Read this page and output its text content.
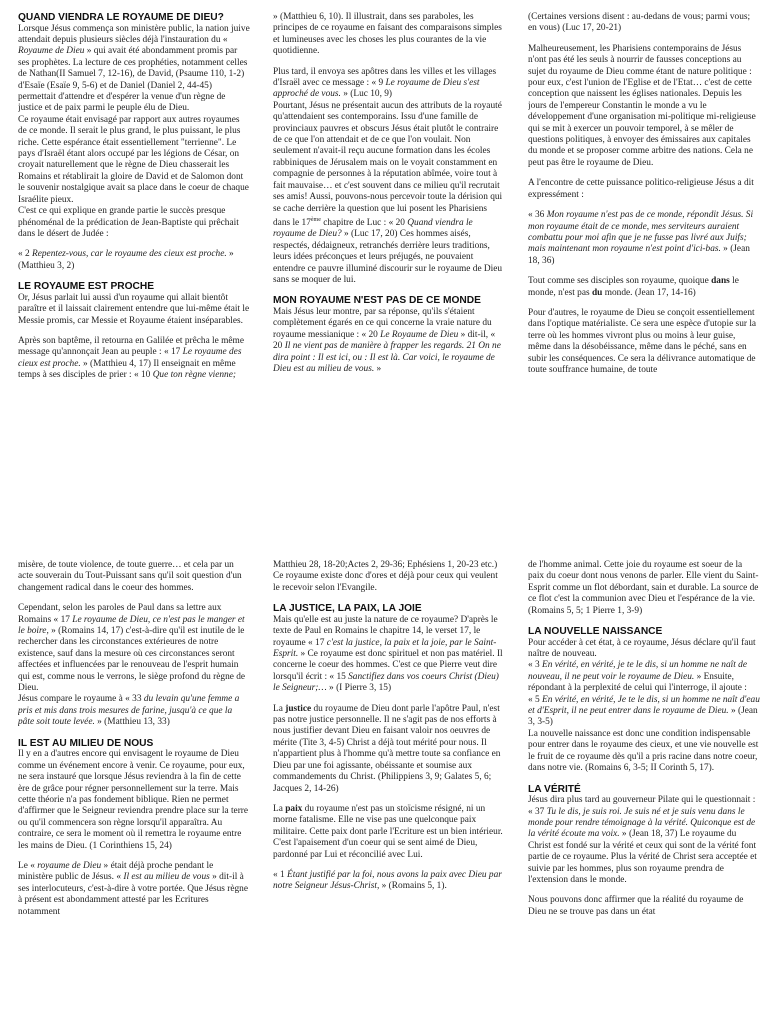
QUAND VIENDRA LE ROYAUME DE DIEU?

Lorsque Jésus commença son ministère public, la nation juive attendait depuis plusieurs siècles déjà l'instauration du « Royaume de Dieu » qui avait été abondamment promis par ses prophètes. La lecture de ces prophéties, notamment celles de Nathan(II Samuel 7, 12-16), de David, (Psaume 110, 1-2) d'Esaïe (Esaïe 9, 5-6) et de Daniel (Daniel 2, 44-45) permettait d'attendre et d'espérer la venue d'un règne de justice et de paix parmi le peuple élu de Dieu.

Ce royaume était envisagé par rapport aux autres royaumes de ce monde. Il serait le plus grand, le plus puissant, le plus riche. Cette espérance était essentiellement "terrienne". Le pays d'Israël étant alors occupé par les légions de César, on croyait naturellement que le règne de Dieu chasserait les Romains et rétablirait la gloire de David et de Salomon dont le souvenir nostalgique avait sa place dans le coeur de chaque Israélite pieux.

C'est ce qui explique en grande partie le succès presque phénoménal de la prédication de Jean-Baptiste qui prêchait dans le désert de Judée :

« 2 Repentez-vous, car le royaume des cieux est proche. » (Matthieu 3, 2)

LE ROYAUME EST PROCHE

Or, Jésus parlait lui aussi d'un royaume qui allait bientôt paraître et il laissait clairement entendre que lui-même était le Messie promis, car Messie et Royaume étaient inséparables.

Après son baptême, il retourna en Galilée et prêcha le même message qu'annonçait Jean au peuple : « 17 Le royaume des cieux est proche. » (Matthieu 4, 17) Il enseignait en même temps à ses disciples de prier : « 10 Que ton règne vienne;

» (Matthieu 6, 10). Il illustrait, dans ses paraboles, les principes de ce royaume en faisant des comparaisons simples et lumineuses avec les choses les plus courantes de la vie quotidienne.

Plus tard, il envoya ses apôtres dans les villes et les villages d'Israël avec ce message : « 9 Le royaume de Dieu s'est approché de vous. » (Luc 10, 9)

Pourtant, Jésus ne présentait aucun des attributs de la royauté qu'attendaient ses contemporains. Issu d'une famille de provinciaux pauvres et obscurs Jésus était plutôt le contraire de ce que l'on attendait et de ce que l'on voulait. Non seulement n'avait-il reçu aucune formation dans les écoles rabbiniques de Jérusalem mais on le voyait constamment en compagnie de personnes à la réputation abîmée, voire tout à fait mauvaise… et c'est souvent dans ce milieu qu'il recrutait ses amis! Aussi, pouvons-nous percevoir toute la dérision qui se cache derrière la question que lui posent les Pharisiens dans le 17ème chapitre de Luc : « 20 Quand viendra le royaume de Dieu? » (Luc 17, 20) Ces hommes aisés, respectés, dédaigneux, retranchés derrière leurs traditions, leurs idées préconçues et leurs préjugés, ne pouvaient entendre ce pauvre illuminé discourir sur le royaume de Dieu sans se moquer de lui.

MON ROYAUME N'EST PAS DE CE MONDE

Mais Jésus leur montre, par sa réponse, qu'ils s'étaient complètement égarés en ce qui concerne la vraie nature du royaume messianique : « 20 Le Royaume de Dieu » dit-il, « 20 Il ne vient pas de manière à frapper les regards. 21 On ne dira point : Il est ici, ou : Il est là. Car voici, le royaume de Dieu est au milieu de vous. »

(Certaines versions disent : au-dedans de vous; parmi vous; en vous) (Luc 17, 20-21)

Malheureusement, les Pharisiens contemporains de Jésus n'ont pas été les seuls à nourrir de fausses conceptions au sujet du royaume de Dieu comme étant de nature politique : pour eux, c'est l'union de l'Eglise et de l'Etat… c'est de cette conception que naissent les églises nationales. Depuis les jours de l'empereur Constantin le monde a vu le développement d'une organisation mi-politique mi-religieuse qui se mit à exercer un pouvoir temporel, à se mêler de questions politiques, à envoyer des émissaires aux capitales du monde et se proposer comme arbitre des nations. Cela ne peut pas être le royaume de Dieu.

A l'encontre de cette puissance politico-religieuse Jésus a dit expressément :

« 36 Mon royaume n'est pas de ce monde, répondit Jésus. Si mon royaume était de ce monde, mes serviteurs auraient combattu pour moi afin que je ne fusse pas livré aux Juifs; mais maintenant mon royaume n'est point d'ici-bas. » (Jean 18, 36)

Tout comme ses disciples son royaume, quoique dans le monde, n'est pas du monde. (Jean 17, 14-16)

Pour d'autres, le royaume de Dieu se conçoit essentiellement dans l'optique matérialiste. Ce sera une espèce d'utopie sur la terre où les hommes vivront plus ou moins à leur guise, même dans la désobéissance, même dans le péché, sans en subir les conséquences. Ce sera la délivrance automatique de toute souffrance humaine, de toute

misère, de toute violence, de toute guerre… et cela par un acte souverain du Tout-Puissant sans qu'il soit question d'un changement radical dans le coeur des hommes.

Cependant, selon les paroles de Paul dans sa lettre aux Romains « 17 Le royaume de Dieu, ce n'est pas le manger et le boire, » (Romains 14, 17) c'est-à-dire qu'il est inutile de le rechercher dans les circonstances extérieures de notre existence, sauf dans la mesure où ces circonstances seront affectées et influencées par le renouveau de l'esprit humain qui est, comme nous le verrons, le siège profond du règne de Dieu.

Jésus compare le royaume à « 33 du levain qu'une femme a pris et mis dans trois mesures de farine, jusqu'à ce que la pâte soit toute levée. » (Matthieu 13, 33)

IL EST AU MILIEU DE NOUS

Il y en a d'autres encore qui envisagent le royaume de Dieu comme un événement encore à venir. Ce royaume, pour eux, ne sera instauré que lorsque Jésus reviendra à la fin de cette ère de grâce pour régner personnellement sur la terre. Mais cette théorie n'a pas fondement biblique. Rien ne permet d'affirmer que le Seigneur reviendra prendre place sur la terre ou qu'il commencera son règne lorsqu'il apparaîtra. Au contraire, ce sera le moment où il remettra le royaume entre les mains de Dieu. (1 Corinthiens 15, 24)

Le « royaume de Dieu » était déjà proche pendant le ministère public de Jésus. « Il est au milieu de vous » dit-il à ses interlocuteurs, c'est-à-dire à votre portée. Que Jésus règne à présent est abondamment attesté par les Ecritures notamment

Matthieu 28, 18-20;Actes 2, 29-36; Ephésiens 1, 20-23 etc.) Ce royaume existe donc d'ores et déjà pour ceux qui veulent le recevoir selon l'Evangile.

LA JUSTICE, LA PAIX, LA JOIE

Mais qu'elle est au juste la nature de ce royaume? D'après le texte de Paul en Romains le chapitre 14, le verset 17, le royaume « 17 c'est la justice, la paix et la joie, par le Saint-Esprit. » Ce royaume est donc spirituel et non pas matériel. Il concerne le coeur des hommes. C'est ce que Pierre veut dire lorsqu'il écrit : « 15 Sanctifiez dans vos coeurs Christ (Dieu) le Seigneur;… » (I Pierre 3, 15)

La justice du royaume de Dieu dont parle l'apôtre Paul, n'est pas notre justice personnelle. Il ne s'agit pas de nos efforts à nous justifier devant Dieu en faisant valoir nos oeuvres de mérite (Tite 3, 4-5) Christ a déjà tout mérité pour nous. Il n'appartient plus à l'homme qu'à mettre toute sa confiance en Dieu par une foi agissante, obéissante et soumise aux commandements du Christ. (Philippiens 3, 9; Galates 5, 6; Jacques 2, 14-26)

La paix du royaume n'est pas un stoïcisme résigné, ni un morne fatalisme. Elle ne vise pas une quelconque paix militaire. Cette paix dont parle l'Ecriture est un bien intérieur. C'est l'apaisement d'un coeur qui se sent aimé de Dieu, pardonné par Lui et réconcilié avec Lui.

« 1 Étant justifié par la foi, nous avons la paix avec Dieu par notre Seigneur Jésus-Christ, » (Romains 5, 1).

de l'homme animal. Cette joie du royaume est soeur de la paix du coeur dont nous venons de parler. Elle vient du Saint-Esprit comme un flot débordant, sain et durable. La source de ce flot c'est la communion avec Dieu et l'espérance de la vie. (Romains 5, 5; 1 Pierre 1, 3-9)

LA NOUVELLE NAISSANCE

Pour accéder à cet état, à ce royaume, Jésus déclare qu'il faut naître de nouveau.
« 3 En vérité, en vérité, je te le dis, si un homme ne naît de nouveau, il ne peut voir le royaume de Dieu. » Ensuite, répondant à la perplexité de celui qui l'interroge, il ajoute :
« 5 En vérité, en vérité, Je te le dis, si un homme ne naît d'eau et d'Esprit, il ne peut entrer dans le royaume de Dieu. » (Jean 3, 3-5)

La nouvelle naissance est donc une condition indispensable pour entrer dans le royaume des cieux, et une vie nouvelle est le fruit de ce royaume dès qu'il a pris racine dans notre coeur, dans notre vie. (Romains 6, 3-5; II Corinth 5, 17).

LA VÉRITÉ

Jésus dira plus tard au gouverneur Pilate qui le questionnait : « 37 Tu le dis, je suis roi. Je suis né et je suis venu dans le monde pour rendre témoignage à la vérité. Quiconque est de la vérité écoute ma voix. » (Jean 18, 37) Le royaume du Christ est fondé sur la vérité et ceux qui sont de la vérité font partie de ce royaume. Plus la vérité de Christ sera acceptée et suivie par les hommes, plus son royaume prendra de l'extension dans le monde.

Nous pouvons donc affirmer que la réalité du royaume de Dieu ne se trouve pas dans un état
